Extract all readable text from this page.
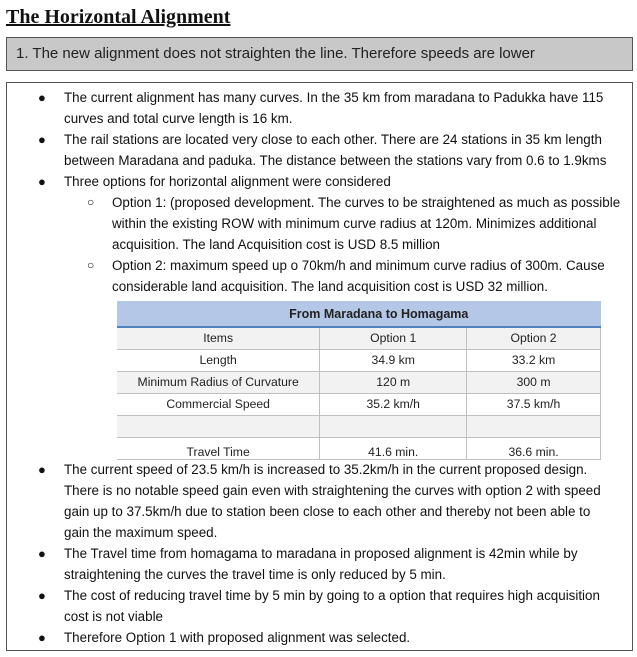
The Horizontal Alignment
1. The new alignment does not straighten the line. Therefore speeds are lower
● The current alignment has many curves. In the 35 km from maradana to Padukka have 115 curves and total curve length is 16 km.
● The rail stations are located very close to each other. There are 24 stations in 35 km length between Maradana and paduka. The distance between the stations vary from 0.6 to 1.9kms
● Three options for horizontal alignment were considered
○ Option 1: (proposed development. The curves to be straightened as much as possible within the existing ROW with minimum curve radius at 120m. Minimizes additional acquisition. The land Acquisition cost is USD 8.5 million
○ Option 2: maximum speed up o 70km/h and minimum curve radius of 300m. Cause considerable land acquisition. The land acquisition cost is USD 32 million.
From Maradana to Homagama		
Items	Option 1	Option 2
Length	34.9 km	33.2 km
Minimum Radius of Curvature	120 m	300 m
Commercial Speed	35.2 km/h	37.5 km/h

Travel Time	41.6 min.	36.6 min.
● The current speed of 23.5 km/h is increased to 35.2km/h in the current proposed design. There is no notable speed gain even with straightening the curves with option 2 with speed gain up to 37.5km/h due to station been close to each other and thereby not been able to gain the maximum speed.
● The Travel time from homagama to maradana in proposed alignment is 42min while by straightening the curves the travel time is only reduced by 5 min.
● The cost of reducing travel time by 5 min by going to a option that requires high acquisition cost is not viable
● Therefore Option 1 with proposed alignment was selected.
